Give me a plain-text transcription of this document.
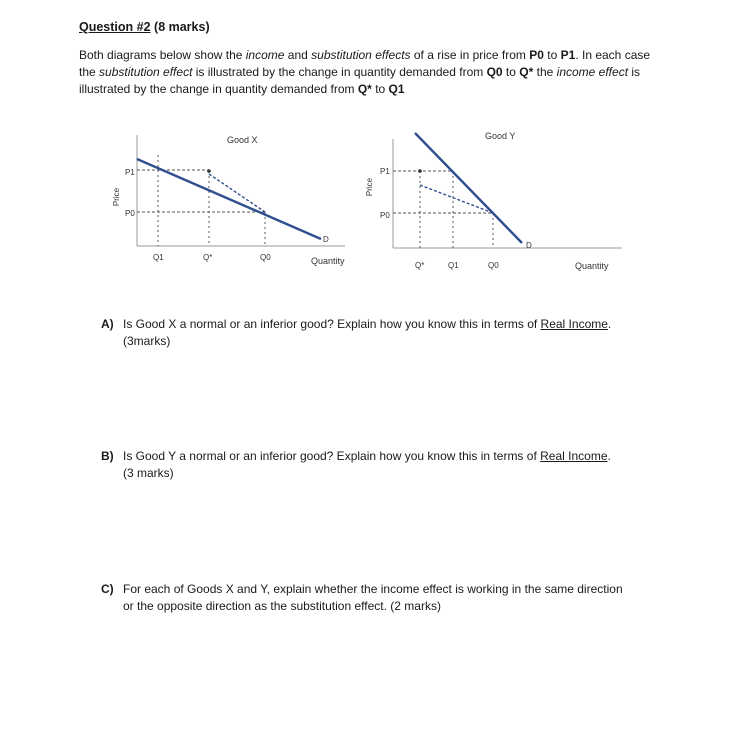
Question #2 (8 marks)
Both diagrams below show the income and substitution effects of a rise in price from P0 to P1. In each case the substitution effect is illustrated by the change in quantity demanded from Q0 to Q* the income effect is illustrated by the change in quantity demanded from Q* to Q1
Good X
Price
Quantity
P1
P0
D
Q1	Q*	Q0
Good Y
Price
Quantity
P1
P0
D
Q*	Q1	Q0
A) Is Good X a normal or an inferior good? Explain how you know this in terms of Real Income.
(3marks)
B) Is Good Y a normal or an inferior good? Explain how you know this in terms of Real Income.
(3 marks)
C) For each of Goods X and Y, explain whether the income effect is working in the same direction
or the opposite direction as the substitution effect. (2 marks)
